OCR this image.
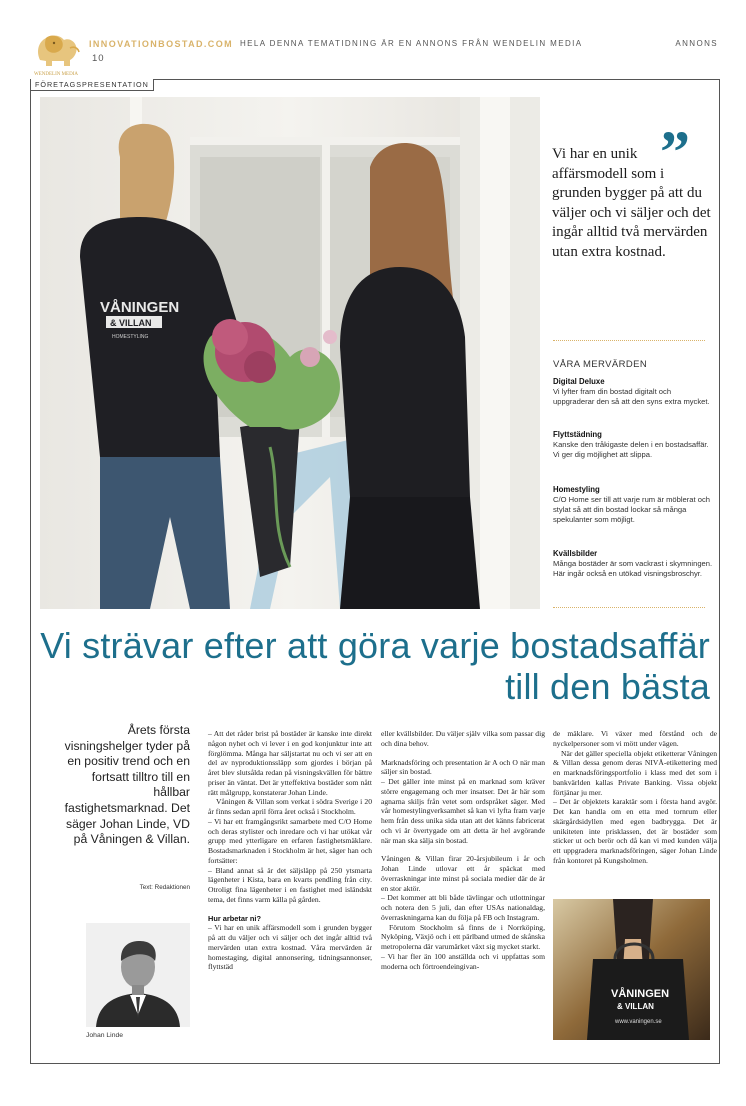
WENDELIN MEDIA
INNOVATIONBOSTAD.COM
10
HELA DENNA TEMATIDNING ÄR EN ANNONS FRÅN WENDELIN MEDIA	ANNONS
FÖRETAGSPRESENTATION
VÅNINGEN
& VILLAN
HOMESTYLING
”
Vi har en unik affärsmodell som i grunden bygger på att du väljer och vi säljer och det ingår alltid två mervärden utan extra kostnad.
VÅRA MERVÄRDEN
Digital Deluxe
Vi lyfter fram din bostad digitalt och uppgraderar den så att den syns extra mycket.
Flyttstädning
Kanske den tråkigaste delen i en bostadsaffär. Vi ger dig möjlighet att slippa.
Homestyling
C/O Home ser till att varje rum är möblerat och stylat så att din bostad lockar så många spekulanter som möjligt.
Kvällsbilder
Många bostäder är som vackrast i skymningen. Här ingår också en utökad visningsbroschyr.
Vi strävar efter att göra varje bostadsaffär till den bästa
Årets första visningshelger tyder på en positiv trend och en fortsatt tilltro till en hållbar fastighetsmarknad. Det säger Johan Linde, VD på Våningen & Villan.
Text: Redaktionen
Johan Linde

– Att det råder brist på bostäder är kanske inte direkt någon nyhet och vi lever i en god konjunktur inte att förglömma. Många har säljstartat nu och vi ser att en del av nyproduktionssläpp som gjordes i början på året blev slutsålda redan på visningskvällen för bättre priser än väntat. Det är ytteffektiva bostäder som nått rätt målgrupp, konstaterar Johan Linde.

Våningen & Villan som verkat i södra Sverige i 20 år finns sedan april förra året också i Stockholm.

– Vi har ett framgångsrikt samarbete med C/O Home och deras stylister och inredare och vi har utökat vår grupp med ytterligare en erfaren fastighetsmäklare. Bostadsmarknaden i Stockholm är het, säger han och fortsätter:

– Bland annat så är det säljsläpp på 250 ytsmarta lägenheter i Kista, bara en kvarts pendling från city. Otroligt fina lägenheter i en fastighet med isländskt tema, det finns varm källa på gården.

Hur arbetar ni?

– Vi har en unik affärsmodell som i grunden bygger på att du väljer och vi säljer och det ingår alltid två mervärden utan extra kostnad. Våra mervärden är homestaging, digital annonsering, tidningsannonser, flyttstäd

eller kvällsbilder. Du väljer själv vilka som passar dig och dina behov.

Marknadsföring och presentation är A och O när man säljer sin bostad.

– Det gäller inte minst på en marknad som kräver större engagemang och mer insatser. Det är här som agnarna skiljs från vetet som ordspråket säger. Med vår homestylingverksamhet så kan vi lyfta fram varje hem från dess unika sida utan att det känns fabricerat och vi är övertygade om att detta är hel avgörande när man ska sälja sin bostad.

Våningen & Villan firar 20-årsjubileum i år och Johan Linde utlovar ett år späckat med överraskningar inte minst på sociala medier där de är en stor aktör.

– Det kommer att bli både tävlingar och utlottningar och notera den 5 juli, dan efter USAs nationaldag, överraskningarna kan du följa på FB och Instagram.

Förutom Stockholm så finns de i Norrköping, Nyköping, Växjö och i ett pärlband utmed de skånska metropolerna där varumärket växt sig mycket starkt.

– Vi har fler än 100 anställda och vi uppfattas som moderna och förtroendeingivan-

de mäklare. Vi växer med förstånd och de nyckelpersoner som vi mött under vägen.

När det gäller speciella objekt etiketterar Våningen & Villan dessa genom deras NIVÅ-etikettering med en marknadsföringsportfolio i klass med det som i bankvärlden kallas Private Banking. Vissa objekt förtjänar ju mer.

– Det är objektets karaktär som i första hand avgör. Det kan handla om en etta med tornrum eller skärgårdsidyllen med egen badbrygga. Det är unikiteten inte prisklassen, det är bostäder som sticker ut och berör och då kan vi med kunden välja ett uppgradera marknadsföringen, säger Johan Linde från kontoret på Kungsholmen.

VÅNINGEN
& VILLAN
www.vaningen.se
